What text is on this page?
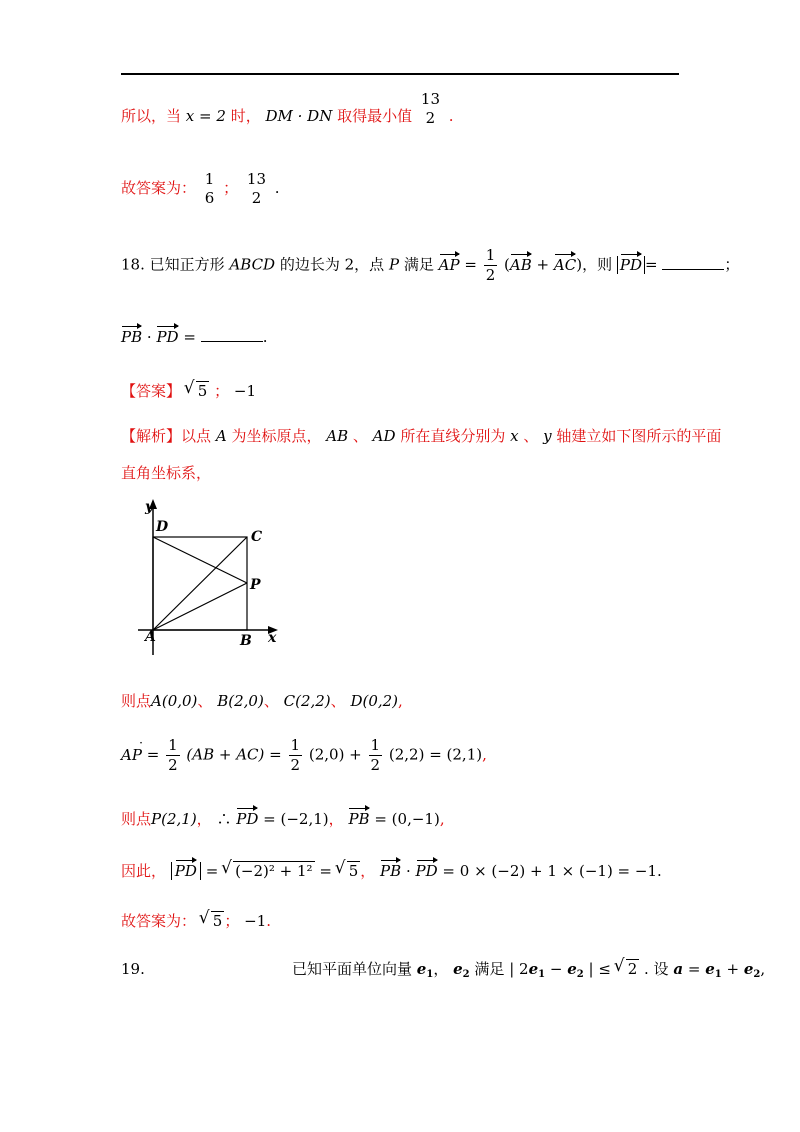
所以，当 x = 2 时， DM · DN 取得最小值
13
2 .
故答案为： 1
6
； 13
2
.
18. 已知正方形 ABCD 的边长为 2，点 P 满足 AP = $\frac{1}{2} (AB + AC)$，则 PD =	；
PB · PD =	.
【答案】 √ 5 ； −1
【解析】以点 A 为坐标原点， AB 、 AD 所在直线分别为 x 、 y 轴建立如下图所示的平面
直角坐标系，
y
x
A	B
C
D
P
则点A(0,0)、 B(2,0)、 C(2,2)、 D(0,2),
AP · = $\frac{1}{2} (AB + AC) = \frac{1}{2} (2,0) + \frac{1}{2} (2,2) = (2,1)$,
则点P(2,1)， ∴ PD = (−2,1)， PB = (0,−1),
因此， PD = √ (−2)² + 1² = √ 5 ， PB · PD = 0 × (−2) + 1 × (−1) = −1.
故答案为： √ 5 ； −1.
19.	已知平面单位向量 $e_1$， $e_2$ 满足 | $2e_1 - e_2$ | ≤ √ 2 . 设 $a = e_1 + e_2$,
